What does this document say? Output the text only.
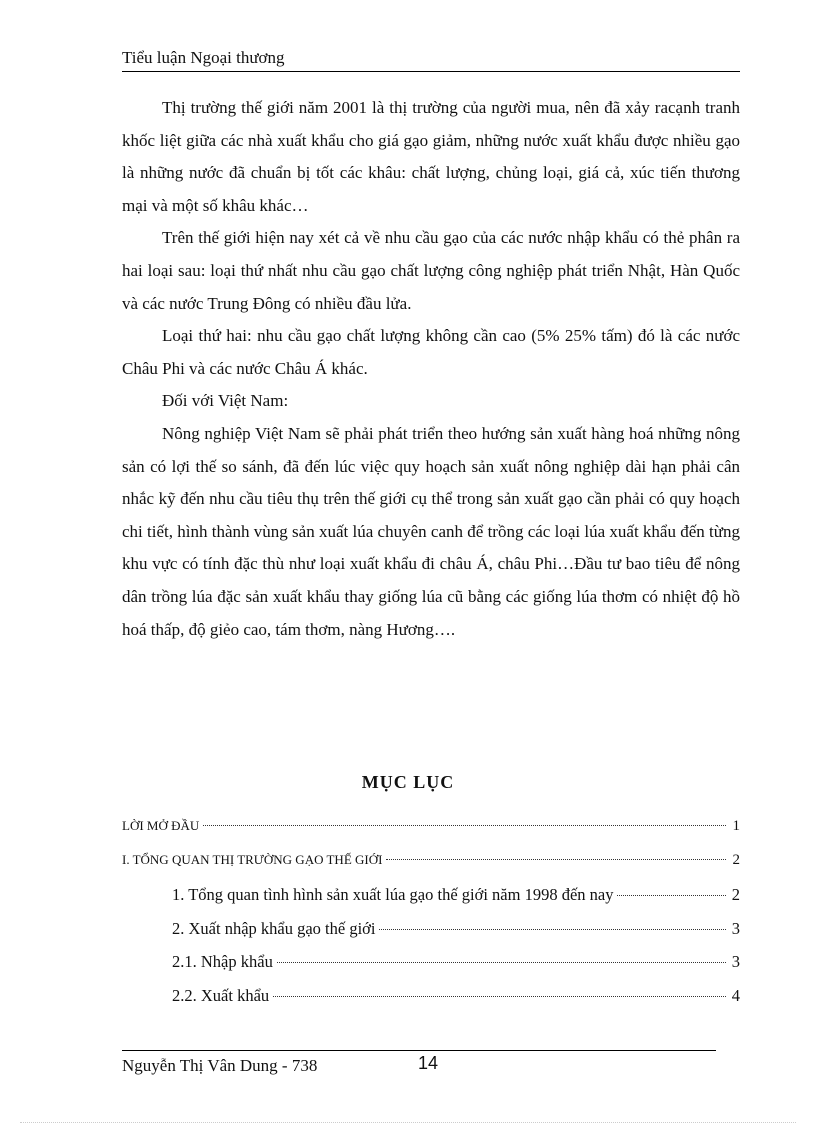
Tiểu luận Ngoại thương

Thị trường thế giới năm 2001 là thị trường của người mua, nên đã xảy racạnh tranh khốc liệt giữa các nhà xuất khẩu cho giá gạo giảm, những nước xuất khẩu được nhiều gạo là những nước đã chuẩn bị tốt các khâu: chất lượng, chủng loại, giá cả, xúc tiến thương mại và một số khâu khác…

Trên thế giới hiện nay xét cả về nhu cầu gạo của các nước nhập khẩu có thẻ phân ra hai loại sau: loại thứ nhất nhu cầu gạo chất lượng công nghiệp phát triển Nhật, Hàn Quốc và các nước Trung Đông có nhiều đầu lửa.

Loại thứ hai: nhu cầu gạo chất lượng không cần cao (5% 25% tấm) đó là các nước Châu Phi và các nước Châu Á khác.

Đối với Việt Nam:

Nông nghiệp Việt Nam sẽ phải phát triển theo hướng sản xuất hàng hoá những nông sản có lợi thế so sánh, đã đến lúc việc quy hoạch sản xuất nông nghiệp dài hạn phải cân nhắc kỹ đến nhu cầu tiêu thụ trên thế giới cụ thể trong sản xuất gạo cần phải có quy hoạch chi tiết, hình thành vùng sản xuất lúa chuyên canh để trồng các loại lúa xuất khẩu đến từng khu vực có tính đặc thù như loại xuất khẩu đi châu Á, châu Phi…Đầu tư bao tiêu để nông dân trồng lúa đặc sản xuất khẩu thay giống lúa cũ bằng các giống lúa thơm có nhiệt độ hồ hoá thấp, độ giẻo cao, tám thơm, nàng Hương….

MỤC LỤC
LỜI MỞ ĐẦU	1
I. TỔNG QUAN THỊ TRƯỜNG GẠO THẾ GIỚI	2
1. Tổng quan tình hình sản xuất lúa gạo thế giới năm 1998 đến nay	2
2. Xuất nhập khẩu gạo thế giới	3
2.1. Nhập khẩu	3
2.2. Xuất khẩu	4
Nguyễn Thị Vân Dung - 738	14
